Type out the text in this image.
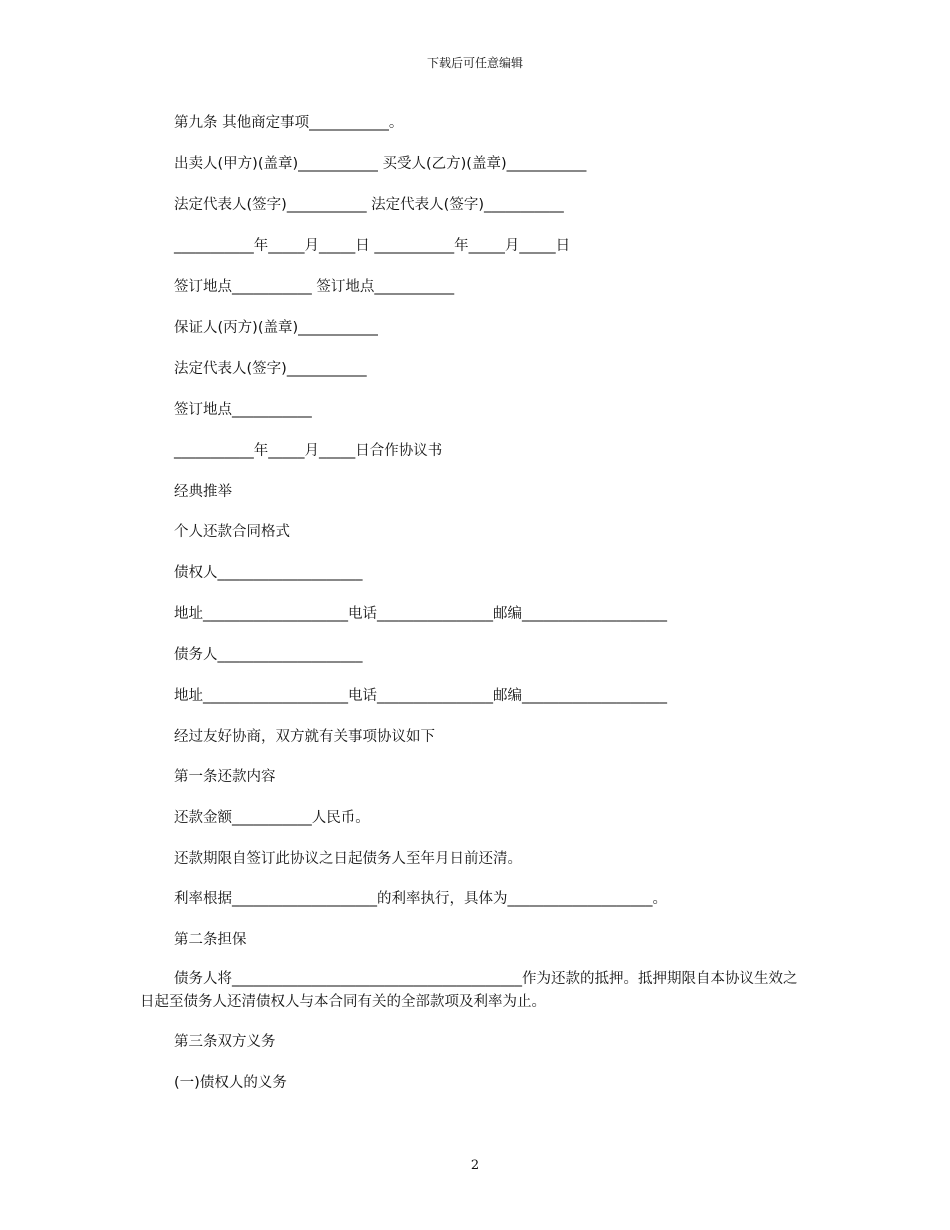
下载后可任意编辑
第九条 其他商定事项___________。
出卖人(甲方)(盖章)___________ 买受人(乙方)(盖章)___________
法定代表人(签字)___________ 法定代表人(签字)___________
___________年_____月_____日 ___________年_____月_____日
签订地点___________ 签订地点___________
保证人(丙方)(盖章)___________
法定代表人(签字)___________
签订地点___________
___________年_____月_____日合作协议书
经典推举
个人还款合同格式
债权人____________________
地址____________________电话________________邮编____________________
债务人____________________
地址____________________电话________________邮编____________________
经过友好协商，双方就有关事项协议如下
第一条还款内容
还款金额___________人民币。
还款期限自签订此协议之日起债务人至年月日前还清。
利率根据____________________的利率执行，具体为____________________。
第二条担保
债务人将________________________________________作为还款的抵押。抵押期限自本协议生效之日起至债务人还清债权人与本合同有关的全部款项及利率为止。
第三条双方义务
(一)债权人的义务
2
